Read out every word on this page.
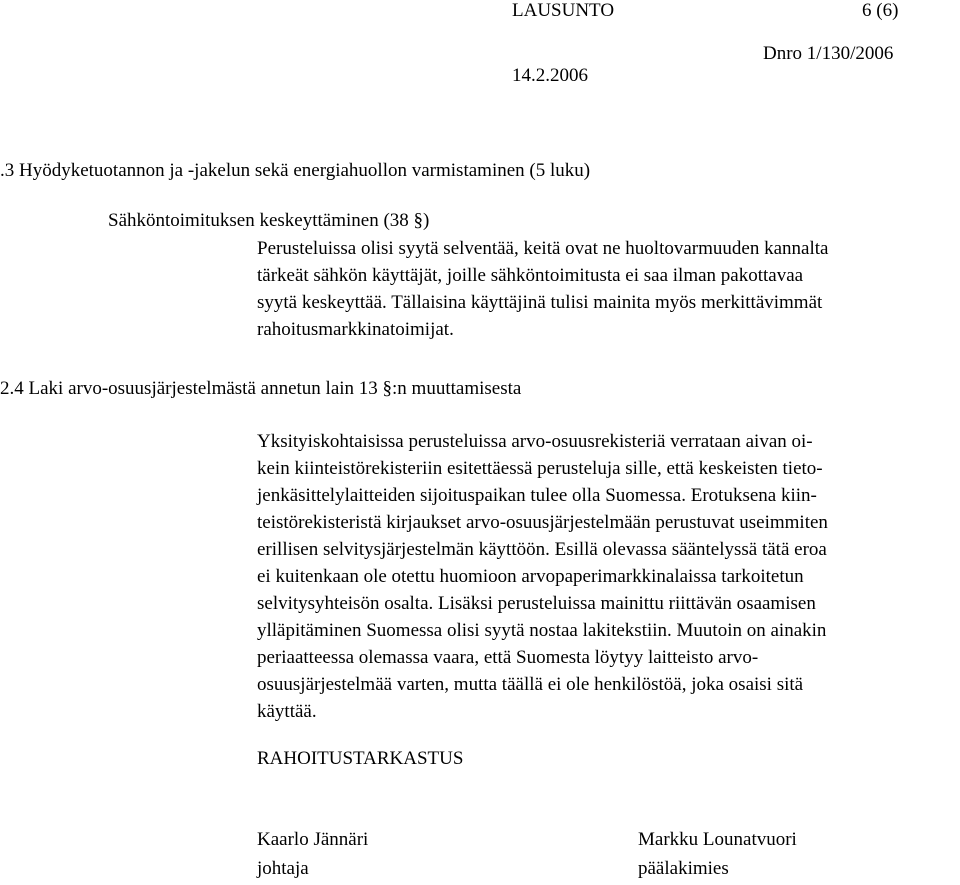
LAUSUNTO	6 (6)
Dnro 1/130/2006
14.2.2006
.3 Hyödyketuotannon ja -jakelun sekä energiahuollon varmistaminen (5 luku)
Sähköntoimituksen keskeyttäminen (38 §)
Perusteluissa olisi syytä selventää, keitä ovat ne huoltovarmuuden kannalta
tärkeät sähkön käyttäjät, joille sähköntoimitusta ei saa ilman pakottavaa
syytä keskeyttää. Tällaisina käyttäjinä tulisi mainita myös merkittävimmät
rahoitusmarkkinatoimijat.
2.4 Laki arvo-osuusjärjestelmästä annetun lain 13 §:n muuttamisesta
Yksityiskohtaisissa perusteluissa arvo-osuusrekisteriä verrataan aivan oi-
kein kiinteistörekisteriin esitettäessä perusteluja sille, että keskeisten tieto-
jenkäsittelylaitteiden sijoituspaikan tulee olla Suomessa. Erotuksena kiin-
teistörekisteristä kirjaukset arvo-osuusjärjestelmään perustuvat useimmiten
erillisen selvitysjärjestelmän käyttöön. Esillä olevassa sääntelyssä tätä eroa
ei kuitenkaan ole otettu huomioon arvopaperimarkkinalaissa tarkoitetun
selvitysyhteisön osalta. Lisäksi perusteluissa mainittu riittävän osaamisen
ylläpitäminen Suomessa olisi syytä nostaa lakitekstiin. Muutoin on ainakin
periaatteessa olemassa vaara, että Suomesta löytyy laitteisto arvo-
osuusjärjestelmää varten, mutta täällä ei ole henkilöstöä, joka osaisi sitä
käyttää.
RAHOITUSTARKASTUS
Kaarlo Jännäri
johtaja
Markku Lounatvuori
päälakimies
